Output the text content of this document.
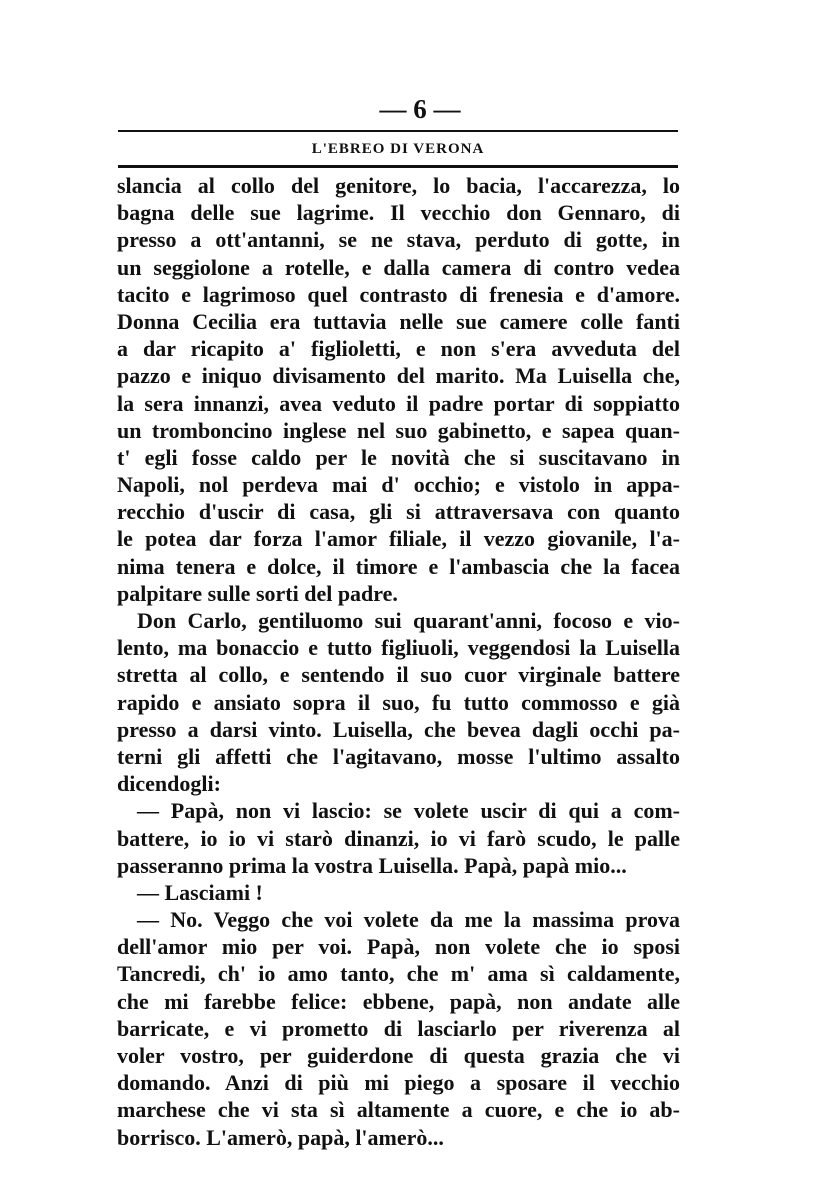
— 6 —
L'EBREO DI VERONA
slancia al collo del genitore, lo bacia, l'accarezza, lo
bagna delle sue lagrime. Il vecchio don Gennaro, di
presso a ott'antanni, se ne stava, perduto di gotte, in
un seggiolone a rotelle, e dalla camera di contro vedea
tacito e lagrimoso quel contrasto di frenesia e d'amore.
Donna Cecilia era tuttavia nelle sue camere colle fanti
a dar ricapito a' figlioletti, e non s'era avveduta del
pazzo e iniquo divisamento del marito. Ma Luisella che,
la sera innanzi, avea veduto il padre portar di soppiatto
un tromboncino inglese nel suo gabinetto, e sapea quan-
t' egli fosse caldo per le novità che si suscitavano in
Napoli, nol perdeva mai d' occhio; e vistolo in appa-
recchio d'uscir di casa, gli si attraversava con quanto
le potea dar forza l'amor filiale, il vezzo giovanile, l'a-
nima tenera e dolce, il timore e l'ambascia che la facea
palpitare sulle sorti del padre.
Don Carlo, gentiluomo sui quarant'anni, focoso e vio-
lento, ma bonaccio e tutto figliuoli, veggendosi la Luisella
stretta al collo, e sentendo il suo cuor virginale battere
rapido e ansiato sopra il suo, fu tutto commosso e già
presso a darsi vinto. Luisella, che bevea dagli occhi pa-
terni gli affetti che l'agitavano, mosse l'ultimo assalto
dicendogli:
— Papà, non vi lascio: se volete uscir di qui a com-
battere, io io vi starò dinanzi, io vi farò scudo, le palle
passeranno prima la vostra Luisella. Papà, papà mio...
— Lasciami !
— No. Veggo che voi volete da me la massima prova
dell'amor mio per voi. Papà, non volete che io sposi
Tancredi, ch' io amo tanto, che m' ama sì caldamente,
che mi farebbe felice: ebbene, papà, non andate alle
barricate, e vi prometto di lasciarlo per riverenza al
voler vostro, per guiderdone di questa grazia che vi
domando. Anzi di più mi piego a sposare il vecchio
marchese che vi sta sì altamente a cuore, e che io ab-
borrisco. L'amerò, papà, l'amerò...
